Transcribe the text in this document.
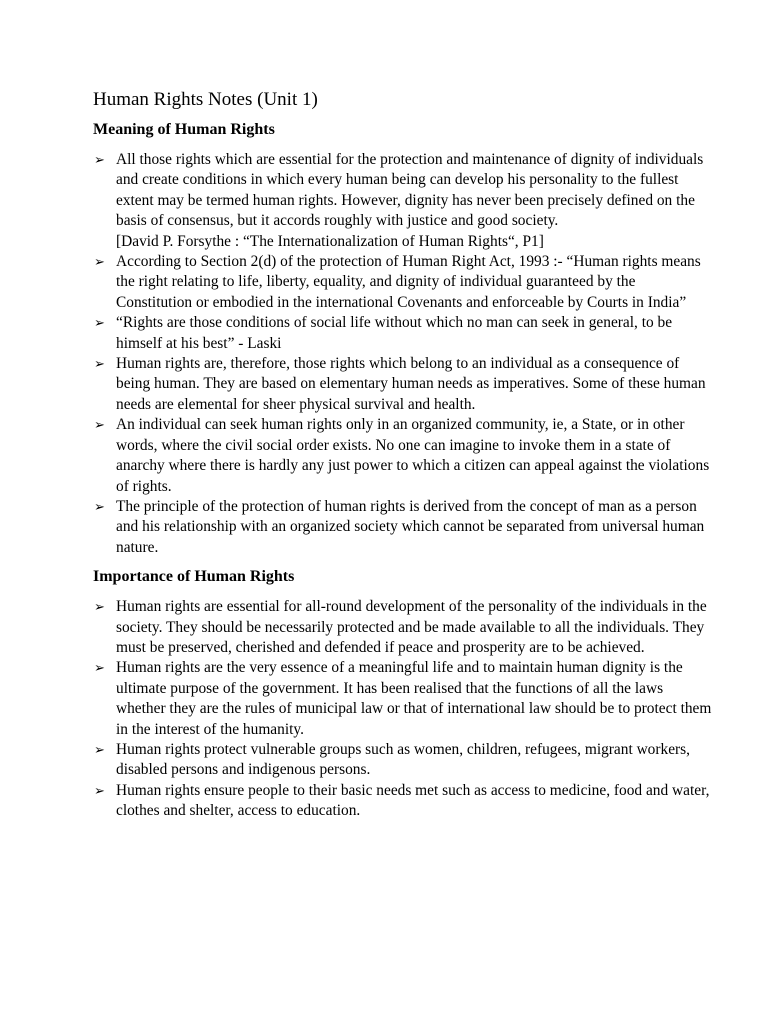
Human Rights Notes (Unit 1)
Meaning of Human Rights
➢ All those rights which are essential for the protection and maintenance of dignity of individuals and create conditions in which every human being can develop his personality to the fullest extent may be termed human rights. However, dignity has never been precisely defined on the basis of consensus, but it accords roughly with justice and good society.
[David P. Forsythe : “The Internationalization of Human Rights“, P1]
➢ According to Section 2(d) of the protection of Human Right Act, 1993 :- “Human rights means the right relating to life, liberty, equality, and dignity of individual guaranteed by the Constitution or embodied in the international Covenants and enforceable by Courts in India”
➢ “Rights are those conditions of social life without which no man can seek in general, to be himself at his best” - Laski
➢ Human rights are, therefore, those rights which belong to an individual as a consequence of being human. They are based on elementary human needs as imperatives. Some of these human needs are elemental for sheer physical survival and health.
➢ An individual can seek human rights only in an organized community, ie, a State, or in other words, where the civil social order exists. No one can imagine to invoke them in a state of anarchy where there is hardly any just power to which a citizen can appeal against the violations of rights.
➢ The principle of the protection of human rights is derived from the concept of man as a person and his relationship with an organized society which cannot be separated from universal human nature.
Importance of Human Rights
➢ Human rights are essential for all-round development of the personality of the individuals in the society. They should be necessarily protected and be made available to all the individuals. They must be preserved, cherished and defended if peace and prosperity are to be achieved.
➢ Human rights are the very essence of a meaningful life and to maintain human dignity is the ultimate purpose of the government. It has been realised that the functions of all the laws whether they are the rules of municipal law or that of international law should be to protect them in the interest of the humanity.
➢ Human rights protect vulnerable groups such as women, children, refugees, migrant workers, disabled persons and indigenous persons.
➢ Human rights ensure people to their basic needs met such as access to medicine, food and water, clothes and shelter, access to education.
